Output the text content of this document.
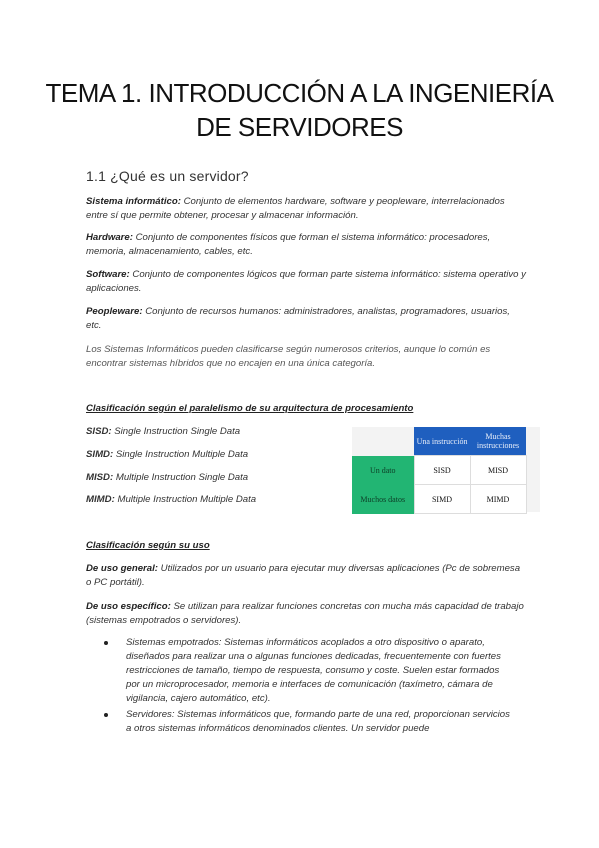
TEMA 1. INTRODUCCIÓN A LA INGENIERÍA DE SERVIDORES
1.1 ¿Qué es un servidor?

Sistema informático: Conjunto de elementos hardware, software y peopleware, interrelacionados entre sí que permite obtener, procesar y almacenar información.

Hardware: Conjunto de componentes físicos que forman el sistema informático: procesadores, memoria, almacenamiento, cables, etc.

Software: Conjunto de componentes lógicos que forman parte sistema informático: sistema operativo y aplicaciones.

Peopleware: Conjunto de recursos humanos: administradores, analistas, programadores, usuarios, etc.

Los Sistemas Informáticos pueden clasificarse según numerosos criterios, aunque lo común es encontrar sistemas híbridos que no encajen en una única categoría.

Clasificación según el paralelismo de su arquitectura de procesamiento

SISD: Single Instruction Single Data

SIMD: Single Instruction Multiple Data

MISD: Multiple Instruction Single Data

MIMD: Multiple Instruction Multiple Data

	Una instrucción	Muchas instrucciones
Un dato	SISD	MISD
Muchos datos	SIMD	MIMD

Clasificación según su uso

De uso general: Utilizados por un usuario para ejecutar muy diversas aplicaciones (Pc de sobremesa o PC portátil).

De uso específico: Se utilizan para realizar funciones concretas con mucha más capacidad de trabajo (sistemas empotrados o servidores).

Sistemas empotrados: Sistemas informáticos acoplados a otro dispositivo o aparato, diseñados para realizar una o algunas funciones dedicadas, frecuentemente con fuertes restricciones de tamaño, tiempo de respuesta, consumo y coste. Suelen estar formados por un microprocesador, memoria e interfaces de comunicación (taxímetro, cámara de vigilancia, cajero automático, etc).
Servidores: Sistemas informáticos que, formando parte de una red, proporcionan servicios a otros sistemas informáticos denominados clientes. Un servidor puede
